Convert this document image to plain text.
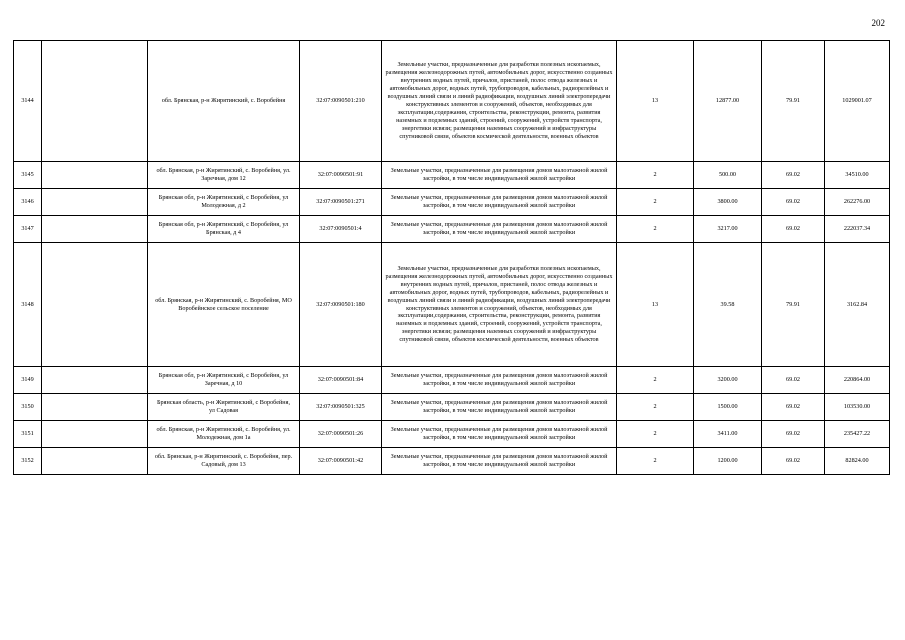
202
3144		обл. Брянская, р-н Жирятинский, с. Воробейня	32:07:0090501:210	Земельные участки, предназначенные для разработки полезных ископаемых, размещения железнодорожных путей, автомобильных дорог, искусственно созданных внутренних водных путей, причалов, пристаней, полос отвода железных и автомобильных дорог, водных путей, трубопроводов, кабельных, радиорелейных и воздушных линий связи и линий радиофикации, воздушных линий электропередачи конструктивных элементов и сооружений, объектов, необходимых для эксплуатации,содержания, строительства, реконструкции, ремонта, развития наземных и подземных зданий, строений, сооружений, устройств транспорта, энергетики иcвязи; размещения наземных сооружений и инфраструктуры спутниковой связи, объектов космической деятельности, военных объектов	13	12877.00	79.91	1029001.07
3145		обл. Брянская, р-н Жирятинский, с. Воробейня, ул. Заречная, дом 12	32:07:0090501:91	Земельные участки, предназначенные для размещения домов малоэтажной жилой застройки, в том числе индивидуальной жилой застройки	2	500.00	69.02	34510.00
3146		Брянская обл, р-н Жирятинский, с Воробейня, ул Молодежная, д 2	32:07:0090501:271	Земельные участки, предназначенные для размещения домов малоэтажной жилой застройки, в том числе индивидуальной жилой застройки	2	3800.00	69.02	262276.00
3147		Брянская обл, р-н Жирятинский, с Воробейня, ул Брянская, д 4	32:07:0090501:4	Земельные участки, предназначенные для размещения домов малоэтажной жилой застройки, в том числе индивидуальной жилой застройки	2	3217.00	69.02	222037.34
3148		обл. Брянская, р-н Жирятинский, с. Воробейня, МО Воробейнское сельское поселение	32:07:0090501:180	Земельные участки, предназначенные для разработки полезных ископаемых, размещения железнодорожных путей, автомобильных дорог, искусственно созданных внутренних водных путей, причалов, пристаней, полос отвода железных и автомобильных дорог, водных путей, трубопроводов, кабельных, радиорелейных и воздушных линий связи и линий радиофикации, воздушных линий электропередачи конструктивных элементов и сооружений, объектов, необходимых для эксплуатации,содержания, строительства, реконструкции, ремонта, развития наземных и подземных зданий, строений, сооружений, устройств транспорта, энергетики иcвязи; размещения наземных сооружений и инфраструктуры спутниковой связи, объектов космической деятельности, военных объектов	13	39.58	79.91	3162.84
3149		Брянская обл, р-н Жирятинский, с Воробейня, ул Заречная, д 10	32:07:0090501:84	Земельные участки, предназначенные для размещения домов малоэтажной жилой застройки, в том числе индивидуальной жилой застройки	2	3200.00	69.02	220864.00
3150		Брянская область, р-н Жирятинский, с Воробейня, ул Садовая	32:07:0090501:325	Земельные участки, предназначенные для размещения домов малоэтажной жилой застройки, в том числе индивидуальной жилой застройки	2	1500.00	69.02	103530.00
3151		обл. Брянская, р-н Жирятинский, с. Воробейня, ул. Молодежная, дом 1а	32:07:0090501:26	Земельные участки, предназначенные для размещения домов малоэтажной жилой застройки, в том числе индивидуальной жилой застройки	2	3411.00	69.02	235427.22
3152		обл. Брянская, р-н Жирятинский, с. Воробейня, пер. Садовый, дом 13	32:07:0090501:42	Земельные участки, предназначенные для размещения домов малоэтажной жилой застройки, в том числе индивидуальной жилой застройки	2	1200.00	69.02	82824.00
